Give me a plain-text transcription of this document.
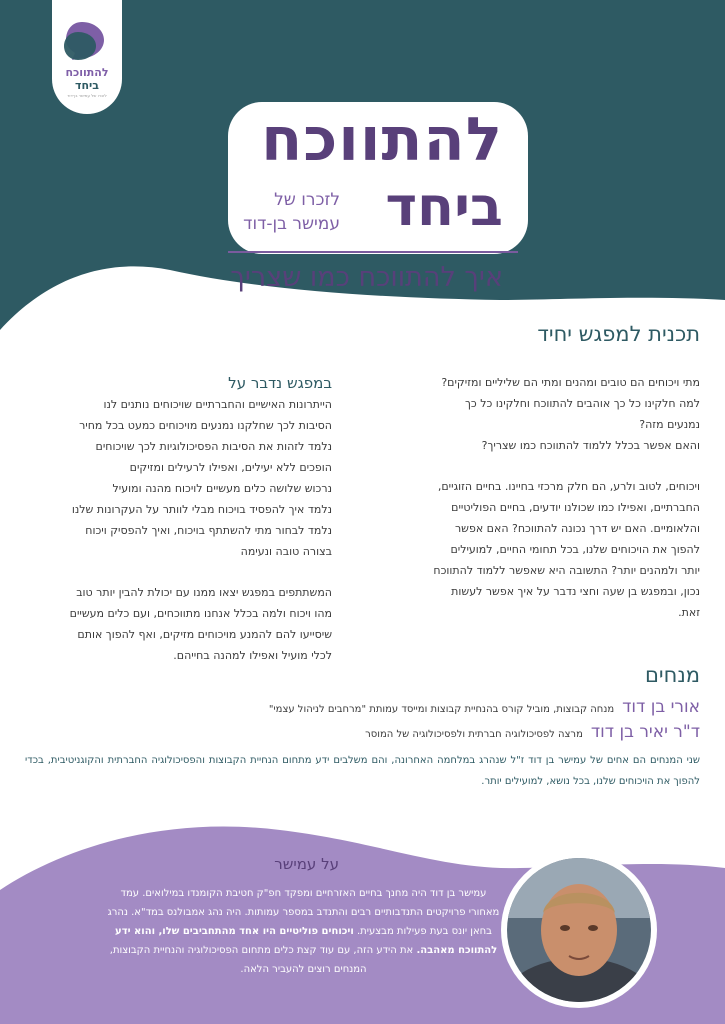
להתווכח
ביחד
לזכרו של עמישר בן-דוד
להתווכח
ביחד
לזכרו של
עמישר בן-דוד
איך להתווכח כמו שצריך
תכנית למפגש יחיד

מתי ויכוחים הם טובים ומהנים ומתי הם שליליים ומזיקים?

למה חלקינו כל כך אוהבים להתווכח וחלקינו כל כך

נמנעים מזה?

והאם אפשר בכלל ללמוד להתווכח כמו שצריך?

ויכוחים, לטוב ולרע, הם חלק מרכזי בחיינו. בחיים הזוגיים,

החברתיים, ואפילו כמו שכולנו יודעים, בחיים הפוליטיים

והלאומיים. האם יש דרך נכונה להתווכח? האם אפשר

להפוך את הויכוחים שלנו, בכל תחומי החיים, למועילים

יותר ולמהנים יותר? התשובה היא שאפשר ללמוד להתווכח

נכון, ובמפגש בן שעה וחצי נדבר על איך אפשר לעשות

זאת.

במפגש נדבר על

הייתרונות האישיים והחברתיים שויכוחים נותנים לנו

הסיבות לכך שחלקנו נמנעים מויכוחים כמעט בכל מחיר

נלמד לזהות את הסיבות הפסיכולוגיות לכך שויכוחים

הופכים ללא יעילים, ואפילו לרעילים ומזיקים

נרכוש שלושה כלים מעשיים לויכוח מהנה ומועיל

נלמד איך להפסיד בויכוח מבלי לוותר על העקרונות שלנו

נלמד לבחור מתי להשתתף בויכוח, ואיך להפסיק ויכוח

בצורה טובה ונעימה

המשתתפים במפגש יצאו ממנו עם יכולת להבין יותר טוב

מהו ויכוח ולמה בכלל אנחנו מתווכחים, ועם כלים מעשיים

שיסייעו להם להמנע מויכוחים מזיקים, ואף להפוך אותם

לכלי מועיל ואפילו למהנה בחייהם.

מנחים
אורי בן דודמנחה קבוצות, מוביל קורס בהנחיית קבוצות ומייסד עמותת "מרחבים לניהול עצמי"
ד"ר יאיר בן דודמרצה לפסיכולוגיה חברתית ולפסיכולוגיה של המוסר
שני המנחים הם אחים של עמישר בן דוד ז"ל שנהרג במלחמה האחרונה, והם משלבים ידע מתחום הנחיית הקבוצות והפסיכולוגיה החברתית והקוגניטיבית, בכדי להפוך את הויכוחים שלנו, בכל נושא, למועילים יותר.
על עמישר
עמישר בן דוד היה מחנך בחיים האזרחיים ומפקד חפ"ק חטיבת הקומנדו במילואים. עמד מאחורי פרויקטים התנדבותיים רבים והתנדב במספר עמותות. היה נהג אמבולנס במד"א. נהרג בחאן יונס בעת פעילות מבצעית. ויכוחים פוליטיים היו אחד מהתחביבים שלו, והוא ידע להתווכח מאהבה. את הידע הזה, עם עוד קצת כלים מתחום הפסיכולוגיה והנחיית הקבוצות, המנחים רוצים להעביר הלאה.
